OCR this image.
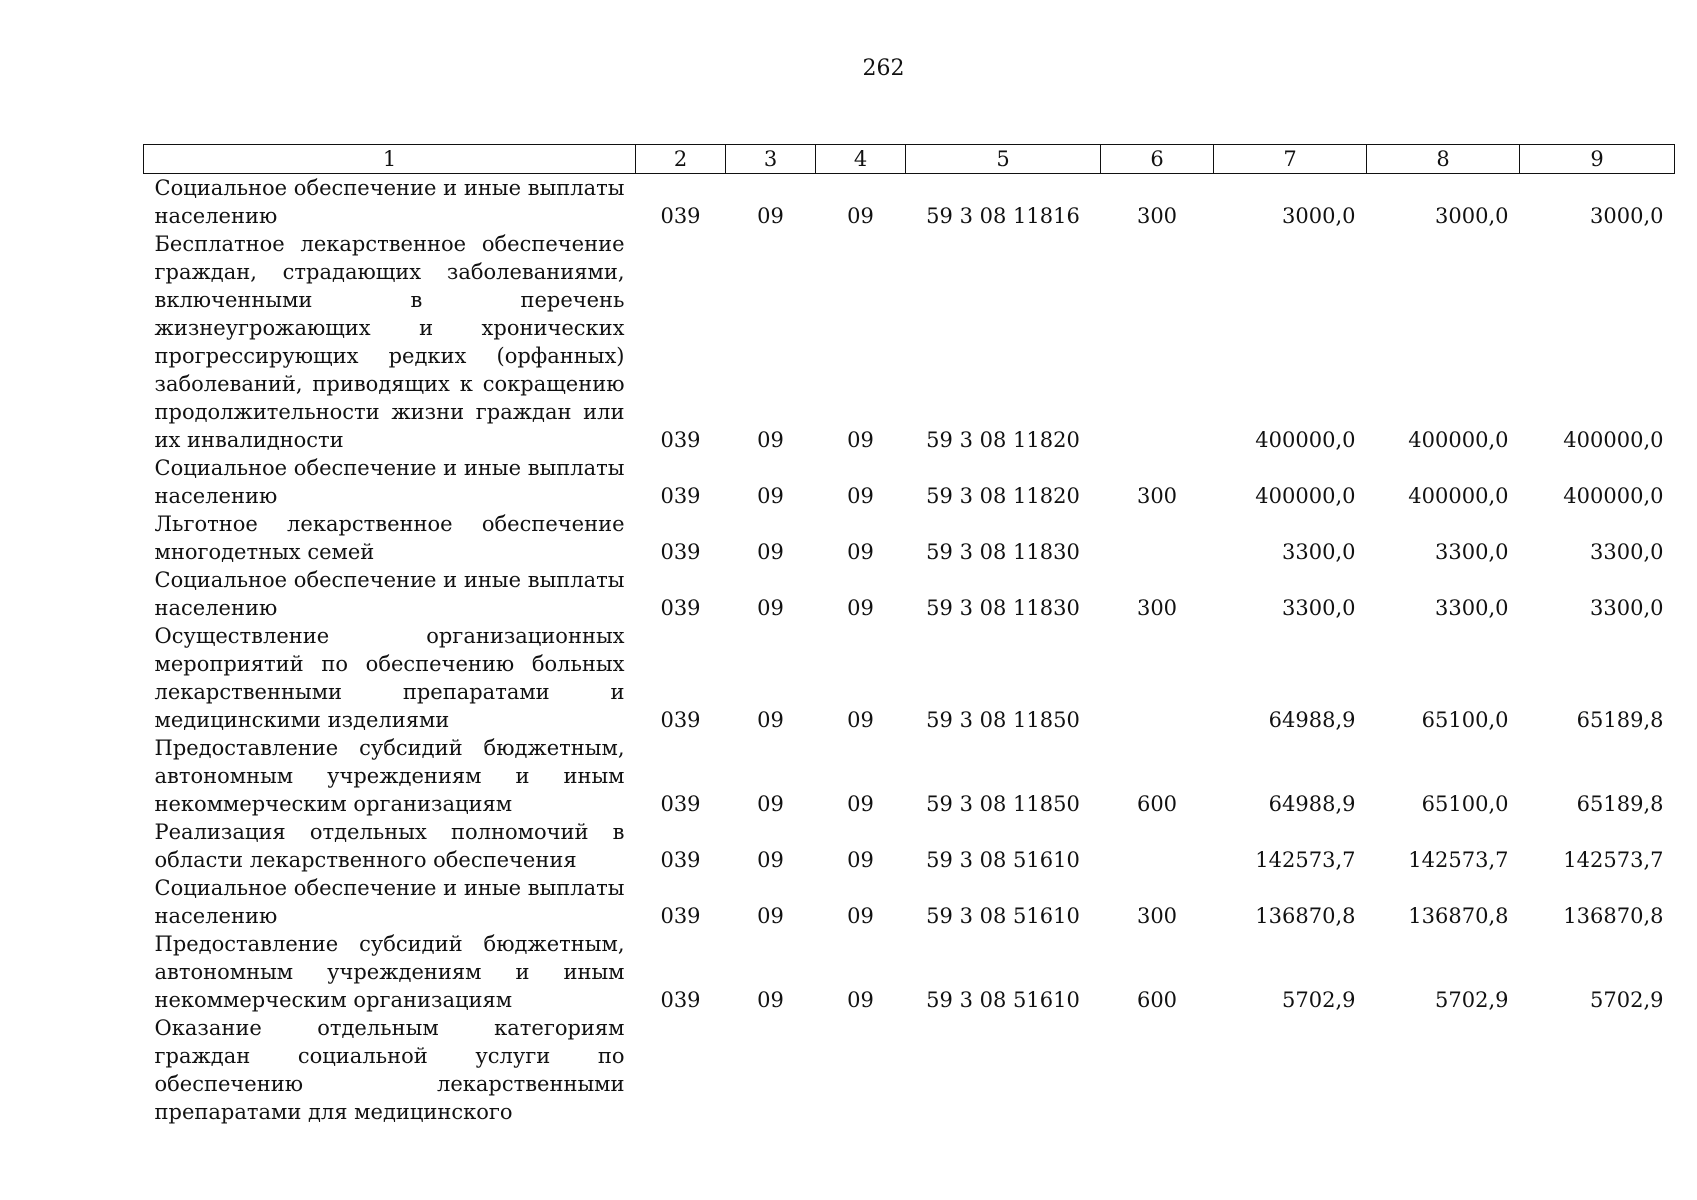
262
1	2	3	4	5	6	7	8	9
Социальное обеспечение и иные выплаты населению	039	09	09	59 3 08 11816	300	3000,0	3000,0	3000,0
Бесплатное лекарственное обеспечение граждан, страдающих заболеваниями, включенными в перечень жизнеугрожающих и хронических прогрессирующих редких (орфанных) заболеваний, приводящих к сокращению продолжительности жизни граждан или их инвалидности	039	09	09	59 3 08 11820		400000,0	400000,0	400000,0
Социальное обеспечение и иные выплаты населению	039	09	09	59 3 08 11820	300	400000,0	400000,0	400000,0
Льготное лекарственное обеспечение многодетных семей	039	09	09	59 3 08 11830		3300,0	3300,0	3300,0
Социальное обеспечение и иные выплаты населению	039	09	09	59 3 08 11830	300	3300,0	3300,0	3300,0
Осуществление организационных мероприятий по обеспечению больных лекарственными препаратами и медицинскими изделиями	039	09	09	59 3 08 11850		64988,9	65100,0	65189,8
Предоставление субсидий бюджетным, автономным учреждениям и иным некоммерческим организациям	039	09	09	59 3 08 11850	600	64988,9	65100,0	65189,8
Реализация отдельных полномочий в области лекарственного обеспечения	039	09	09	59 3 08 51610		142573,7	142573,7	142573,7
Социальное обеспечение и иные выплаты населению	039	09	09	59 3 08 51610	300	136870,8	136870,8	136870,8
Предоставление субсидий бюджетным, автономным учреждениям и иным некоммерческим организациям	039	09	09	59 3 08 51610	600	5702,9	5702,9	5702,9
Оказание отдельным категориям граждан социальной услуги по обеспечению лекарственными препаратами для медицинского								
